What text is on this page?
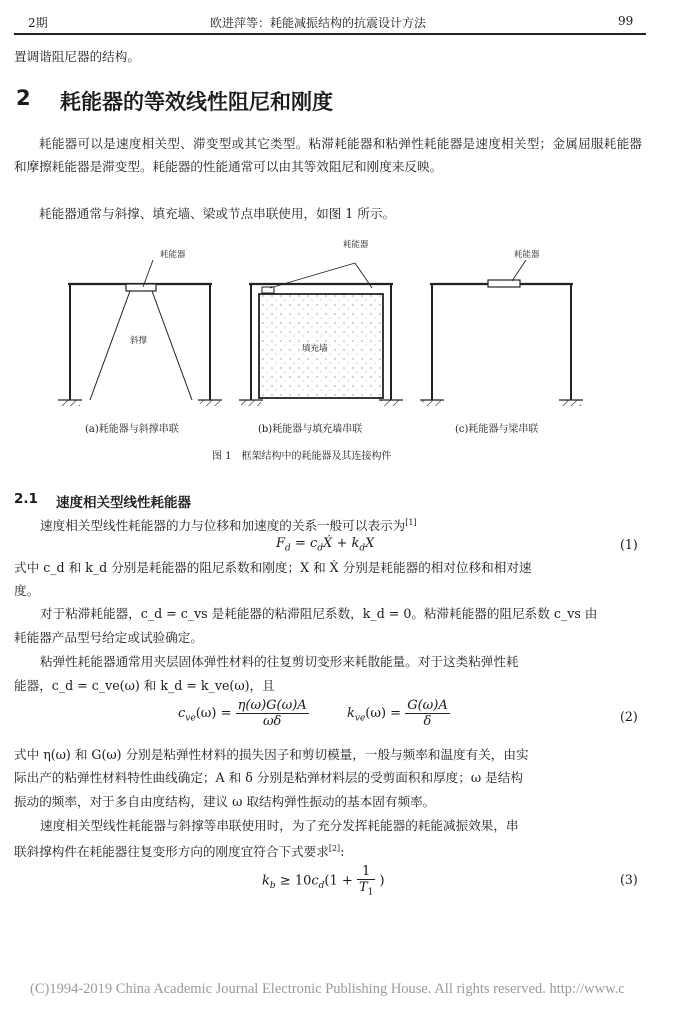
2期	欧进萍等：耗能减振结构的抗震设计方法	99
置调谐阻尼器的结构。
2 耗能器的等效线性阻尼和刚度
耗能器可以是速度相关型、滞变型或其它类型。粘滞耗能器和粘弹性耗能器是速度相关型；金属屈服耗能器和摩擦耗能器是滞变型。耗能器的性能通常可以由其等效阻尼和刚度来反映。
耗能器通常与斜撑、填充墙、梁或节点串联使用，如图 1 所示。
耗能器
斜撑
耗能器
填充墙
耗能器
(a)耗能器与斜撑串联	(b)耗能器与填充墙串联	(c)耗能器与梁串联
图 1　框架结构中的耗能器及其连接构件
2.1 速度相关型线性耗能器
速度相关型线性耗能器的力与位移和加速度的关系一般可以表示为[1]
$F_d$ = $c_dẊ + k_dX$	(1)
式中 c_d 和 k_d 分别是耗能器的阻尼系数和刚度；X 和 Ẋ 分别是耗能器的相对位移和相对速
度。
对于粘滞耗能器，c_d = c_vs 是耗能器的粘滞阻尼系数，k_d = 0。粘滞耗能器的阻尼系数 c_vs 由
耗能器产品型号给定或试验确定。
粘弹性耗能器通常用夹层固体弹性材料的往复剪切变形来耗散能量。对于这类粘弹性耗
能器，c_d = c_ve(ω) 和 k_d = k_ve(ω)，且
$c_{ve}(\omega) = \frac{\eta(\omega)G(\omega)A}{\omega\delta}$	$k_{ve}(\omega) = \frac{G(\omega)A}{\delta}$	(2)
式中 η(ω) 和 G(ω) 分别是粘弹性材料的损失因子和剪切模量，一般与频率和温度有关，由实
际出产的粘弹性材料特性曲线确定；A 和 δ 分别是粘弹材料层的受剪面积和厚度；ω 是结构
振动的频率，对于多自由度结构，建议 ω 取结构弹性振动的基本固有频率。
速度相关型线性耗能器与斜撑等串联使用时，为了充分发挥耗能器的耗能减振效果，串
联斜撑构件在耗能器往复变形方向的刚度宜符合下式要求[2]:
$k_b \ge 10c_d(1 + \frac{1}{T_1}$ )	(3)
(C)1994-2019 China Academic Journal Electronic Publishing House. All rights reserved. http://www.c
